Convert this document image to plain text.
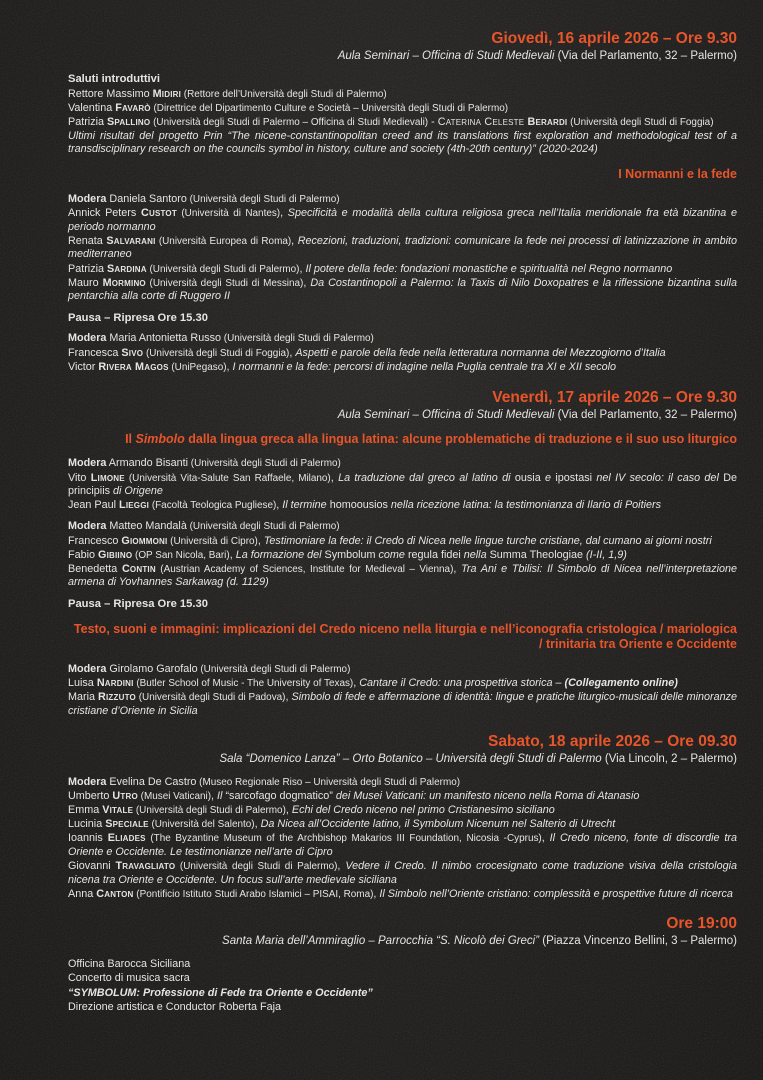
Giovedì, 16 aprile 2026 – Ore 9.30
Aula Seminari – Officina di Studi Medievali (Via del Parlamento, 32 – Palermo)
Saluti introduttivi
Rettore Massimo Midiri (Rettore dell’Università degli Studi di Palermo)
Valentina Favarò (Direttrice del Dipartimento Culture e Società – Università degli Studi di Palermo)
Patrizia Spallino (Università degli Studi di Palermo – Officina di Studi Medievali) - Caterina Celeste Berardi (Università degli Studi di Foggia)
Ultimi risultati del progetto Prin “The nicene-constantinopolitan creed and its translations first exploration and methodological test of a transdisciplinary research on the councils symbol in history, culture and society (4th-20th century)” (2020-2024)
I Normanni e la fede
Modera Daniela Santoro (Università degli Studi di Palermo)
Annick Peters Custot (Università di Nantes), Specificità e modalità della cultura religiosa greca nell’Italia meridionale fra età bizantina e periodo normanno
Renata Salvarani (Università Europea di Roma), Recezioni, traduzioni, tradizioni: comunicare la fede nei processi di latinizzazione in ambito mediterraneo
Patrizia Sardina (Università degli Studi di Palermo), Il potere della fede: fondazioni monastiche e spiritualità nel Regno normanno
Mauro Mormino (Università degli Studi di Messina), Da Costantinopoli a Palermo: la Taxis di Nilo Doxopatres e la riflessione bizantina sulla pentarchia alla corte di Ruggero II
Pausa – Ripresa Ore 15.30
Modera Maria Antonietta Russo (Università degli Studi di Palermo)
Francesca Sivo (Università degli Studi di Foggia), Aspetti e parole della fede nella letteratura normanna del Mezzogiorno d’Italia
Victor Rivera Magos (UniPegaso), I normanni e la fede: percorsi di indagine nella Puglia centrale tra XI e XII secolo
Venerdì, 17 aprile 2026 – Ore 9.30
Aula Seminari – Officina di Studi Medievali (Via del Parlamento, 32 – Palermo)
Il Simbolo dalla lingua greca alla lingua latina: alcune problematiche di traduzione e il suo uso liturgico
Modera Armando Bisanti (Università degli Studi di Palermo)
Vito Limone (Università Vita-Salute San Raffaele, Milano), La traduzione dal greco al latino di ousia e ipostasi nel IV secolo: il caso del De principiis di Origene
Jean Paul Lieggi (Facoltà Teologica Pugliese), Il termine homoousios nella ricezione latina: la testimonianza di Ilario di Poitiers
Modera Matteo Mandalà (Università degli Studi di Palermo)
Francesco Giommoni (Università di Cipro), Testimoniare la fede: il Credo di Nicea nelle lingue turche cristiane, dal cumano ai giorni nostri
Fabio Gibiino (OP San Nicola, Bari), La formazione del Symbolum come regula fidei nella Summa Theologiae (I-II, 1,9)
Benedetta Contin (Austrian Academy of Sciences, Institute for Medieval – Vienna), Tra Ani e Tbilisi: Il Simbolo di Nicea nell’interpretazione armena di Yovhannes Sarkawag (d. 1129)
Pausa – Ripresa Ore 15.30
Testo, suoni e immagini: implicazioni del Credo niceno nella liturgia e nell’iconografia cristologica / mariologica / trinitaria tra Oriente e Occidente
Modera Girolamo Garofalo (Università degli Studi di Palermo)
Luisa Nardini (Butler School of Music - The University of Texas), Cantare il Credo: una prospettiva storica – (Collegamento online)
Maria Rizzuto (Università degli Studi di Padova), Simbolo di fede e affermazione di identità: lingue e pratiche liturgico-musicali delle minoranze cristiane d’Oriente in Sicilia
Sabato, 18 aprile 2026 – Ore 09.30
Sala “Domenico Lanza” – Orto Botanico – Università degli Studi di Palermo (Via Lincoln, 2 – Palermo)
Modera Evelina De Castro (Museo Regionale Riso – Università degli Studi di Palermo)
Umberto Utro (Musei Vaticani), Il “sarcofago dogmatico” dei Musei Vaticani: un manifesto niceno nella Roma di Atanasio
Emma Vitale (Università degli Studi di Palermo), Echi del Credo niceno nel primo Cristianesimo siciliano
Lucinia Speciale (Università del Salento), Da Nicea all’Occidente latino, il Symbolum Nicenum nel Salterio di Utrecht
Ioannis Eliades (The Byzantine Museum of the Archbishop Makarios III Foundation, Nicosia -Cyprus), Il Credo niceno, fonte di discordie tra Oriente e Occidente. Le testimonianze nell’arte di Cipro
Giovanni Travagliato (Università degli Studi di Palermo), Vedere il Credo. Il nimbo crocesignato come traduzione visiva della cristologia nicena tra Oriente e Occidente. Un focus sull’arte medievale siciliana
Anna Canton (Pontificio Istituto Studi Arabo Islamici – PISAI, Roma), Il Simbolo nell’Oriente cristiano: complessità e prospettive future di ricerca
Ore 19:00
Santa Maria dell’Ammiraglio – Parrocchia “S. Nicolò dei Greci” (Piazza Vincenzo Bellini, 3 – Palermo)
Officina Barocca Siciliana
Concerto di musica sacra
“SYMBOLUM: Professione di Fede tra Oriente e Occidente”
Direzione artistica e Conductor Roberta Faja
